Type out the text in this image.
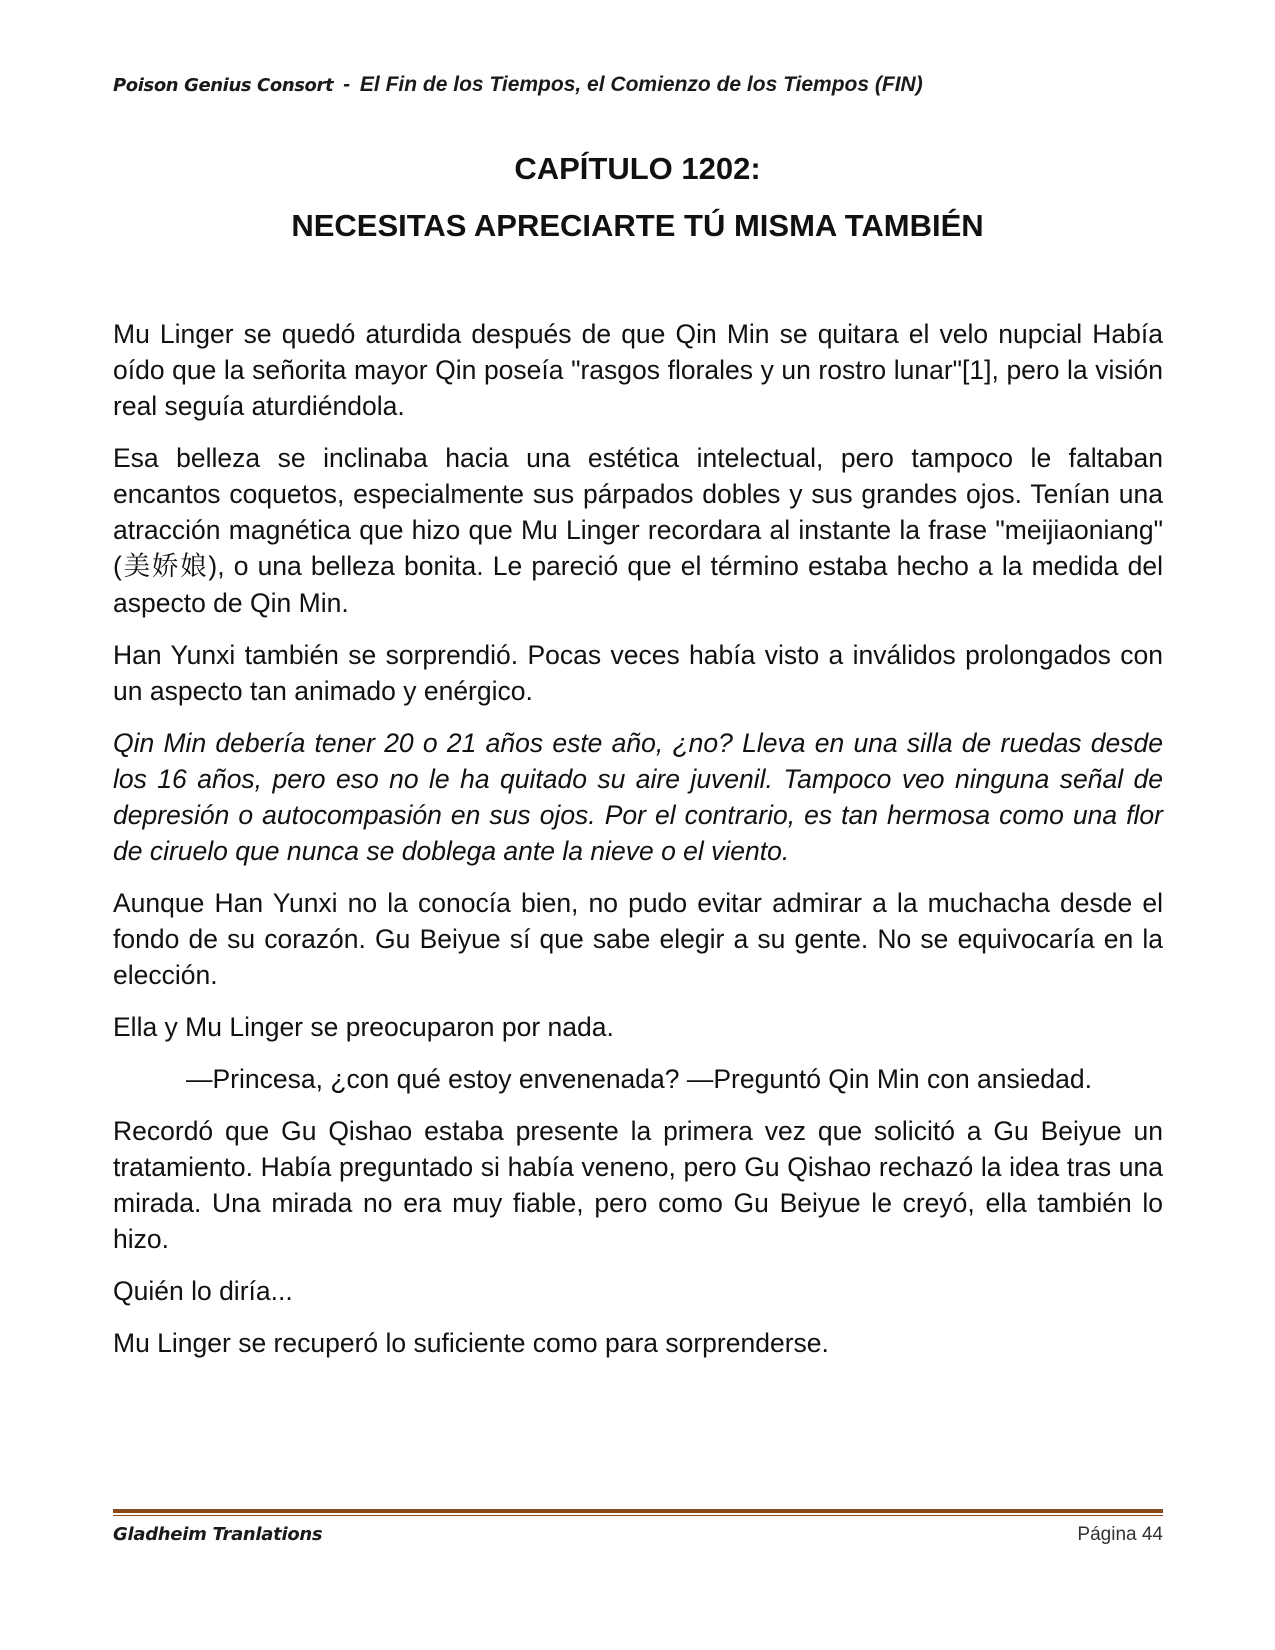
Poison Genius Consort - El Fin de los Tiempos, el Comienzo de los Tiempos (FIN)
CAPÍTULO 1202:
NECESITAS APRECIARTE TÚ MISMA TAMBIÉN

Mu Linger se quedó aturdida después de que Qin Min se quitara el velo nupcial Había oído que la señorita mayor Qin poseía "rasgos florales y un rostro lunar"[1], pero la visión real seguía aturdiéndola.

Esa belleza se inclinaba hacia una estética intelectual, pero tampoco le faltaban encantos coquetos, especialmente sus párpados dobles y sus grandes ojos. Tenían una atracción magnética que hizo que Mu Linger recordara al instante la frase "meijiaoniang" (美娇娘), o una belleza bonita. Le pareció que el término estaba hecho a la medida del aspecto de Qin Min.

Han Yunxi también se sorprendió. Pocas veces había visto a inválidos prolongados con un aspecto tan animado y enérgico.

Qin Min debería tener 20 o 21 años este año, ¿no? Lleva en una silla de ruedas desde los 16 años, pero eso no le ha quitado su aire juvenil. Tampoco veo ninguna señal de depresión o autocompasión en sus ojos. Por el contrario, es tan hermosa como una flor de ciruelo que nunca se doblega ante la nieve o el viento.

Aunque Han Yunxi no la conocía bien, no pudo evitar admirar a la muchacha desde el fondo de su corazón. Gu Beiyue sí que sabe elegir a su gente. No se equivocaría en la elección.

Ella y Mu Linger se preocuparon por nada.

—Princesa, ¿con qué estoy envenenada? —Preguntó Qin Min con ansiedad.

Recordó que Gu Qishao estaba presente la primera vez que solicitó a Gu Beiyue un tratamiento. Había preguntado si había veneno, pero Gu Qishao rechazó la idea tras una mirada. Una mirada no era muy fiable, pero como Gu Beiyue le creyó, ella también lo hizo.

Quién lo diría...

Mu Linger se recuperó lo suficiente como para sorprenderse.

Gladheim Tranlations	Página 44
